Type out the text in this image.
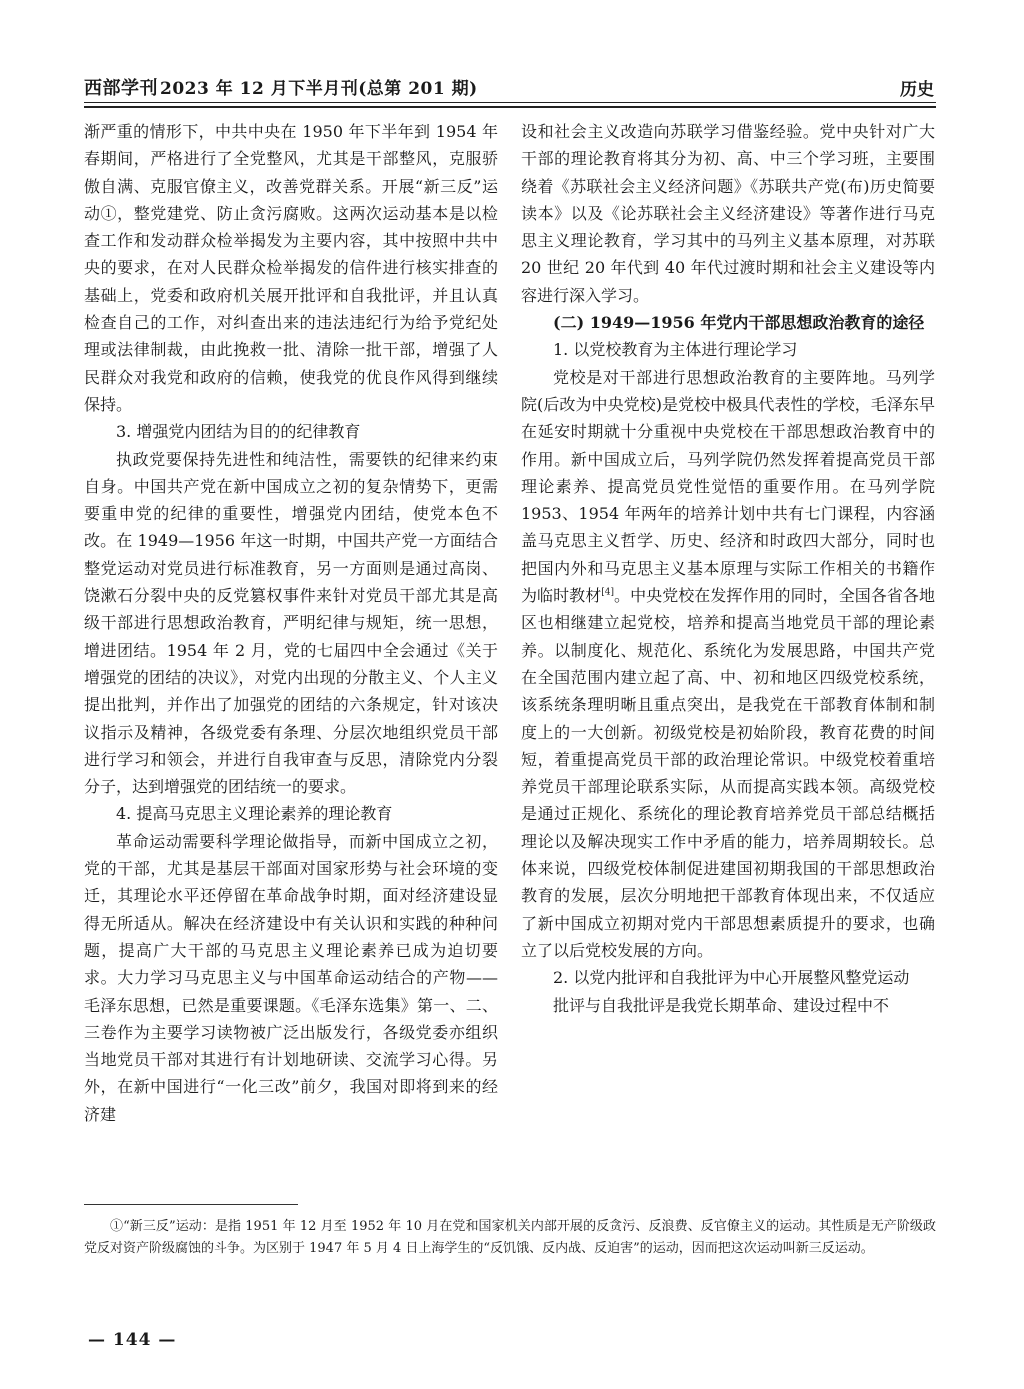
西部学刊 2023 年 12 月下半月刊(总第 201 期)	历史

渐严重的情形下，中共中央在 1950 年下半年到 1954 年春期间，严格进行了全党整风，尤其是干部整风，克服骄傲自满、克服官僚主义，改善党群关系。开展“新三反”运动①，整党建党、防止贪污腐败。这两次运动基本是以检查工作和发动群众检举揭发为主要内容，其中按照中共中央的要求，在对人民群众检举揭发的信件进行核实排查的基础上，党委和政府机关展开批评和自我批评，并且认真检查自己的工作，对纠查出来的违法违纪行为给予党纪处理或法律制裁，由此挽救一批、清除一批干部，增强了人民群众对我党和政府的信赖，使我党的优良作风得到继续保持。

3. 增强党内团结为目的的纪律教育

执政党要保持先进性和纯洁性，需要铁的纪律来约束自身。中国共产党在新中国成立之初的复杂情势下，更需要重申党的纪律的重要性，增强党内团结，使党本色不改。在 1949—1956 年这一时期，中国共产党一方面结合整党运动对党员进行标准教育，另一方面则是通过高岗、饶漱石分裂中央的反党篡权事件来针对党员干部尤其是高级干部进行思想政治教育，严明纪律与规矩，统一思想，增进团结。1954 年 2 月，党的七届四中全会通过《关于增强党的团结的决议》，对党内出现的分散主义、个人主义提出批判，并作出了加强党的团结的六条规定，针对该决议指示及精神，各级党委有条理、分层次地组织党员干部进行学习和领会，并进行自我审查与反思，清除党内分裂分子，达到增强党的团结统一的要求。

4. 提高马克思主义理论素养的理论教育

革命运动需要科学理论做指导，而新中国成立之初，党的干部，尤其是基层干部面对国家形势与社会环境的变迁，其理论水平还停留在革命战争时期，面对经济建设显得无所适从。解决在经济建设中有关认识和实践的种种问题，提高广大干部的马克思主义理论素养已成为迫切要求。大力学习马克思主义与中国革命运动结合的产物——毛泽东思想，已然是重要课题。《毛泽东选集》第一、二、三卷作为主要学习读物被广泛出版发行，各级党委亦组织当地党员干部对其进行有计划地研读、交流学习心得。另外，在新中国进行“一化三改”前夕，我国对即将到来的经济建

设和社会主义改造向苏联学习借鉴经验。党中央针对广大干部的理论教育将其分为初、高、中三个学习班，主要围绕着《苏联社会主义经济问题》《苏联共产党(布)历史简要读本》以及《论苏联社会主义经济建设》等著作进行马克思主义理论教育，学习其中的马列主义基本原理，对苏联 20 世纪 20 年代到 40 年代过渡时期和社会主义建设等内容进行深入学习。

(二) 1949—1956 年党内干部思想政治教育的途径

1. 以党校教育为主体进行理论学习

党校是对干部进行思想政治教育的主要阵地。马列学院(后改为中央党校)是党校中极具代表性的学校，毛泽东早在延安时期就十分重视中央党校在干部思想政治教育中的作用。新中国成立后，马列学院仍然发挥着提高党员干部理论素养、提高党员党性觉悟的重要作用。在马列学院 1953、1954 年两年的培养计划中共有七门课程，内容涵盖马克思主义哲学、历史、经济和时政四大部分，同时也把国内外和马克思主义基本原理与实际工作相关的书籍作为临时教材[4]。中央党校在发挥作用的同时，全国各省各地区也相继建立起党校，培养和提高当地党员干部的理论素养。以制度化、规范化、系统化为发展思路，中国共产党在全国范围内建立起了高、中、初和地区四级党校系统，该系统条理明晰且重点突出，是我党在干部教育体制和制度上的一大创新。初级党校是初始阶段，教育花费的时间短，着重提高党员干部的政治理论常识。中级党校着重培养党员干部理论联系实际，从而提高实践本领。高级党校是通过正规化、系统化的理论教育培养党员干部总结概括理论以及解决现实工作中矛盾的能力，培养周期较长。总体来说，四级党校体制促进建国初期我国的干部思想政治教育的发展，层次分明地把干部教育体现出来，不仅适应了新中国成立初期对党内干部思想素质提升的要求，也确立了以后党校发展的方向。

2. 以党内批评和自我批评为中心开展整风整党运动

批评与自我批评是我党长期革命、建设过程中不

①“新三反”运动：是指 1951 年 12 月至 1952 年 10 月在党和国家机关内部开展的反贪污、反浪费、反官僚主义的运动。其性质是无产阶级政党反对资产阶级腐蚀的斗争。为区别于 1947 年 5 月 4 日上海学生的“反饥饿、反内战、反迫害”的运动，因而把这次运动叫新三反运动。

— 144 —
